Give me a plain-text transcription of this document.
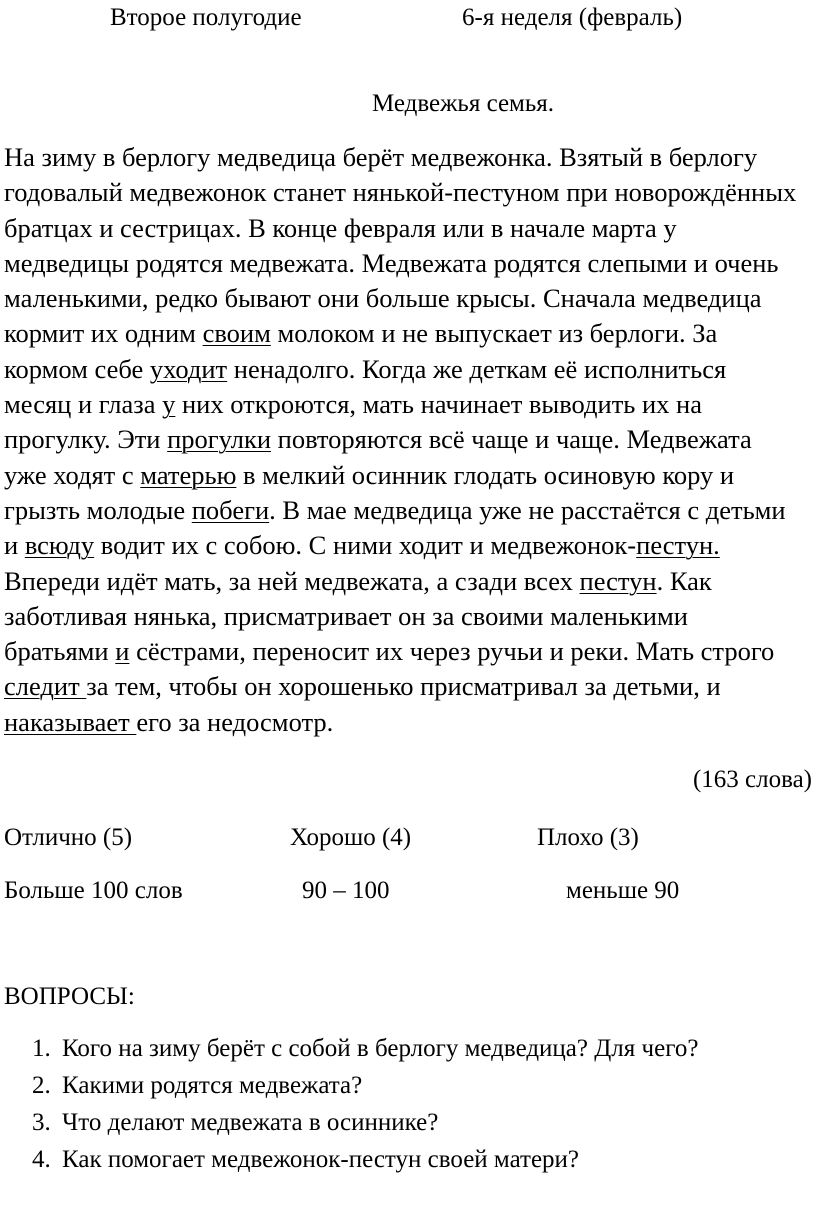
Второе полугодие	6-я неделя (февраль)
Медвежья семья.
На зиму в берлогу медведица берёт медвежонка. Взятый в берлогу
годовалый медвежонок станет нянькой-пестуном при новорождённых
братцах и сестрицах. В конце февраля или в начале марта у
медведицы родятся медвежата. Медвежата родятся слепыми и очень
маленькими, редко бывают они больше крысы. Сначала медведица
кормит их одним своим молоком и не выпускает из берлоги. За
кормом себе уходит ненадолго. Когда же деткам её исполниться
месяц и глаза у них откроются, мать начинает выводить их на
прогулку. Эти прогулки повторяются всё чаще и чаще. Медвежата
уже ходят с матерью в мелкий осинник глодать осиновую кору и
грызть молодые побеги. В мае медведица уже не расстаётся с детьми
и всюду водит их с собою. С ними ходит и медвежонок-пестун.
Впереди идёт мать, за ней медвежата, а сзади всех пестун. Как
заботливая нянька, присматривает он за своими маленькими
братьями и сёстрами, переносит их через ручьи и реки. Мать строго
следит за тем, чтобы он хорошенько присматривал за детьми, и
наказывает его за недосмотр.
(163 слова)
Отлично (5)	Хорошо (4)	Плохо (3)
Больше 100 слов	90 – 100	меньше 90
ВОПРОСЫ:
1. Кого на зиму берёт с собой в берлогу медведица? Для чего?
2. Какими родятся медвежата?
3. Что делают медвежата в осиннике?
4. Как помогает медвежонок-пестун своей матери?
